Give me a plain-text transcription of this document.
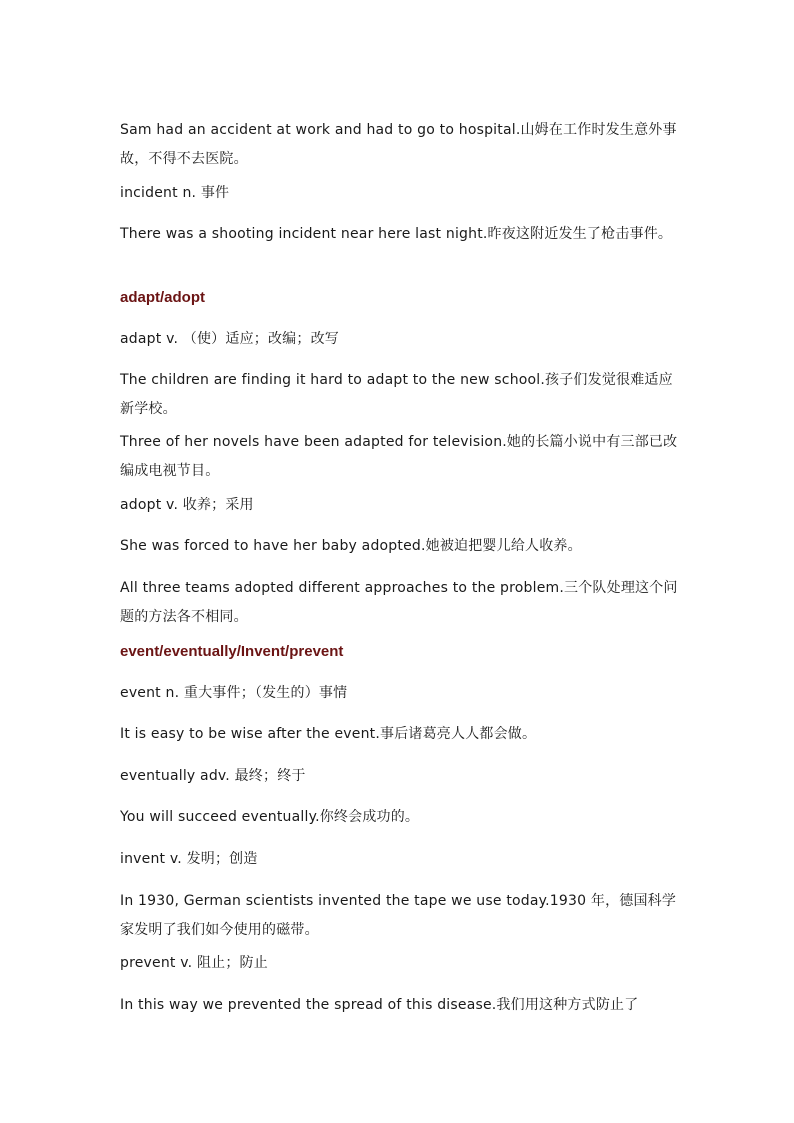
Sam had an accident at work and had to go to hospital.山姆在工作时发生意外事故，不得不去医院。

incident n. 事件

There was a shooting incident near here last night.昨夜这附近发生了枪击事件。

adapt/adopt

adapt v. （使）适应；改编；改写

The children are finding it hard to adapt to the new school.孩子们发觉很难适应新学校。

Three of her novels have been adapted for television.她的长篇小说中有三部已改编成电视节目。

adopt v. 收养；采用

She was forced to have her baby adopted.她被迫把婴儿给人收养。

All three teams adopted different approaches to the problem.三个队处理这个问题的方法各不相同。

event/eventually/Invent/prevent

event n. 重大事件；（发生的）事情

It is easy to be wise after the event.事后诸葛亮人人都会做。

eventually adv. 最终；终于

You will succeed eventually.你终会成功的。

invent v. 发明；创造

In 1930, German scientists invented the tape we use today.1930 年，德国科学家发明了我们如今使用的磁带。

prevent v. 阻止；防止

In this way we prevented the spread of this disease.我们用这种方式防止了
